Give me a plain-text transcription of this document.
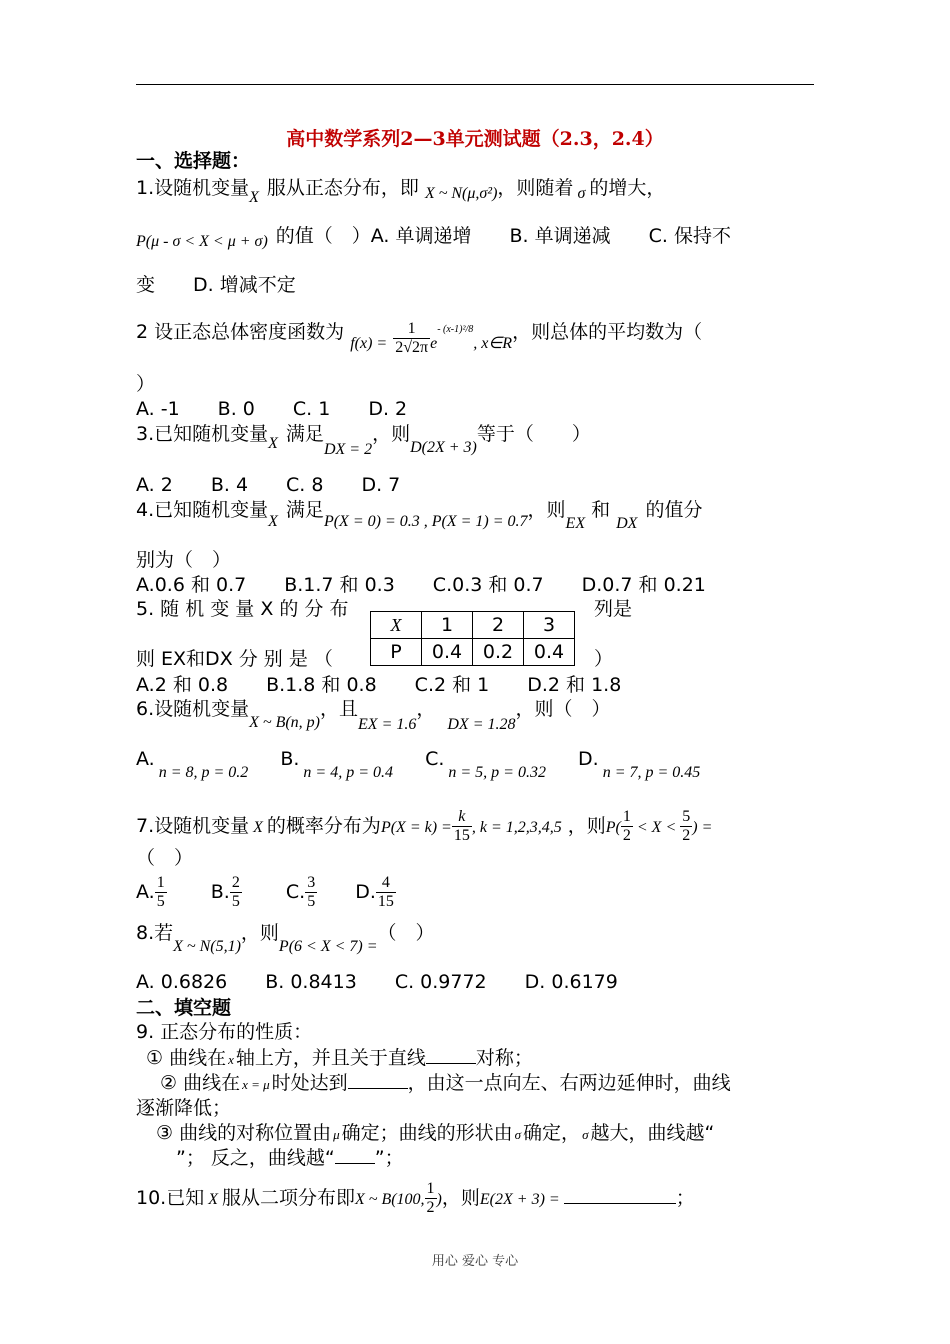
高中数学系列2—3单元测试题（2.3，2.4）
一、选择题：
1.设随机变量$_X$ 服从正态分布，即 $_{X \sim N(\mu,\sigma^2)}$，则随着 $_\sigma$ 的增大，
$_{P(\mu - \sigma < X < \mu + \sigma)}$ 的值（　）A. 单调递增　　B. 单调递减　　C. 保持不
变　　D. 增减不定
2 设正态总体密度函数为 $_{f(x) =} \frac{1}{2√2\pi} _e^{- (x-1)^2/8}_{, x\in R}$，则总体的平均数为（
）
A. -1　　B. 0　　C. 1　　D. 2
3.已知随机变量$_X$ 满足$_{DX = 2}$，则$_{D(2X + 3)}$等于（　　）
A. 2　　B. 4　　C. 8　　D. 7
4.已知随机变量$_X$满足$_{P(X = 0) = 0.3 , P(X = 1) = 0.7}$，则$_{EX}$和$_{DX}$的值分
别为（　）
A.0.6 和 0.7　　B.1.7 和 0.3　　C.0.3 和 0.7　　D.0.7 和 0.21
5. 随 机 变 量 X 的 分 布	列是
X	1	2	3
P	0.4	0.2	0.4
则 EX和DX 分 别 是 （	）
A.2 和 0.8　　B.1.8 和 0.8　　C.2 和 1　　D.2 和 1.8
6.设随机变量$_{X \sim B(n, p)}$，且$_{EX = 1.6}$，$_{DX = 1.28}$，则（　）
$A._{n = 8, p = 0.2}$ $B._{n = 4, p = 0.4}$ $C._{n = 5, p = 0.32}$ $D._{n = 7, p = 0.45}$
7.设随机变量 X 的概率分布为$P(X = k) = \frac{k}{15}$ , k = 1,2,3,4,5 ，则$P( \frac{1}{2} < X < \frac{5}{2}$ ) =
（　）
A. $\frac{1}{5} B$. $\frac{2}{5} C$. $\frac{3}{5} D$. $\frac{4}{15}$
8.若$_{X \sim N(5,1)}$，则$_{P(6 < X < 7) =}$（　）
A. 0.6826　　B. 0.8413　　C. 0.9772　　D. 0.6179
二、填空题
9. 正态分布的性质：
① 曲线在 x 轴上方，并且关于直线	对称；
② 曲线在 x = μ 时处达到	，由这一点向左、右两边延伸时，曲线
逐渐降低；
③ 曲线的对称位置由 μ 确定；曲线的形状由 σ 确定， σ 越大，曲线越“
”； 反之，曲线越“ ”；
10.已知 X 服从二项分布即X ~ B(100, $\frac{1}{2}$ )，则E(2X + 3) =	；
用心 爱心 专心
